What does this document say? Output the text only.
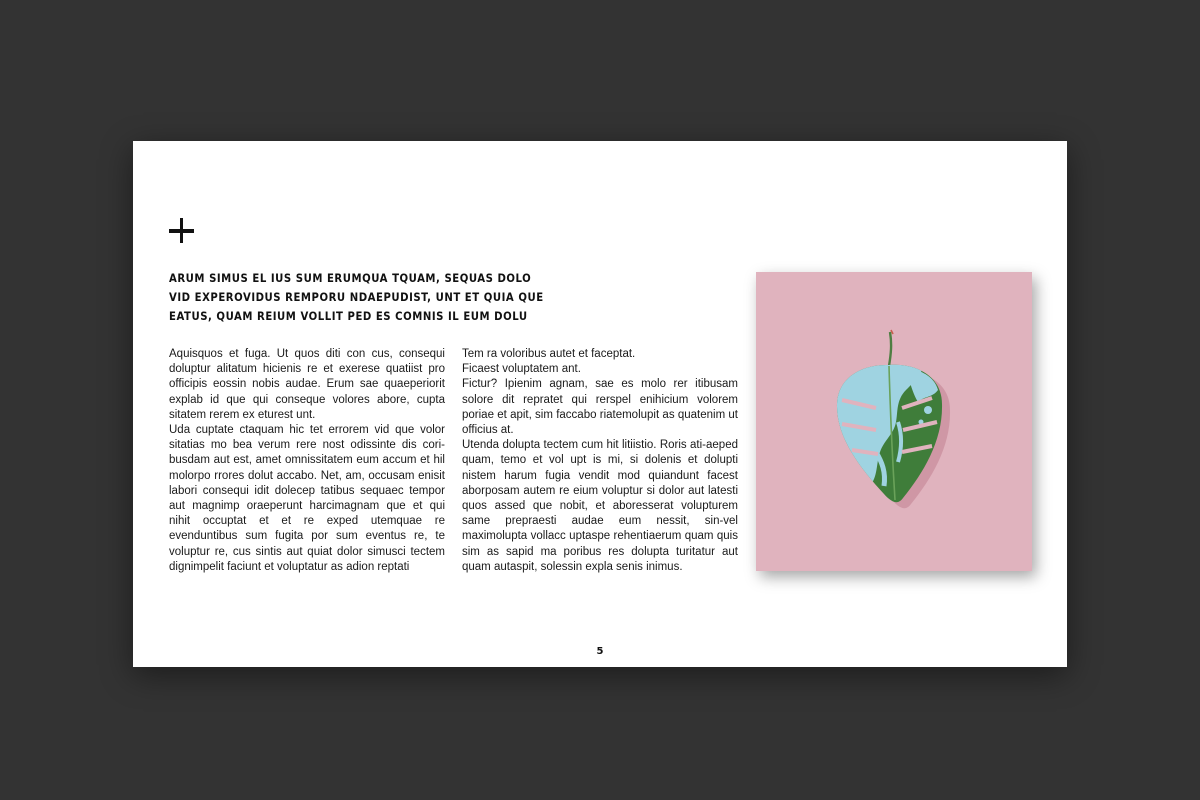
ARUM SIMUS EL IUS SUM ERUMQUA TQUAM, SEQUAS DOLO
VID EXPEROVIDUS REMPORU NDAEPUDIST, UNT ET QUIA QUE
EATUS, QUAM REIUM VOLLIT PED ES COMNIS IL EUM DOLU

Aquisquos et fuga. Ut quos diti con cus, consequi doluptur alitatum hicienis re et exerese quatiist pro officipis eossin nobis audae. Erum sae quaeperiorit explab id que qui conseque volores abore, cupta sitatem rerem ex eturest unt.

Uda cuptate ctaquam hic tet errorem vid que volor sitatias mo bea verum rere nost odissinte dis cori-busdam aut est, amet omnissitatem eum accum et hil molorpo rrores dolut accabo. Net, am, occusam enisit labori consequi idit dolecep tatibus sequaec tempor aut magnimp oraeperunt harcimagnam que et qui nihit occuptat et et re exped utemquae re evenduntibus sum fugita por sum eventus re, te voluptur re, cus sintis aut quiat dolor simusci tectem dignimpelit faciunt et voluptatur as adion reptati

Tem ra voloribus autet et faceptat.

Ficaest voluptatem ant.

Fictur? Ipienim agnam, sae es molo rer itibusam solore dit repratet qui rerspel enihicium volorem poriae et apit, sim faccabo riatemolupit as quatenim ut officius at.

Utenda dolupta tectem cum hit litiistio. Roris ati-aeped quam, temo et vol upt is mi, si dolenis et dolupti nistem harum fugia vendit mod quiandunt facest aborposam autem re eium voluptur si dolor aut latesti quos assed que nobit, et aboresserat volupturem same prepraesti audae eum nessit, sin-vel maximolupta vollacc uptaspe rehentiaerum quam quis sim as sapid ma poribus res dolupta turitatur aut quam autaspit, solessin expla senis inimus.

5
